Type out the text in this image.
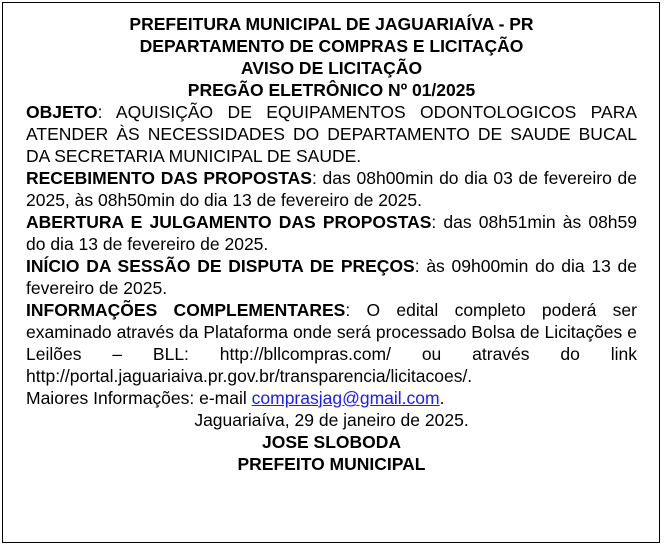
PREFEITURA MUNICIPAL DE JAGUARIAÍVA - PR
DEPARTAMENTO DE COMPRAS E LICITAÇÃO
AVISO DE LICITAÇÃO
PREGÃO ELETRÔNICO Nº 01/2025

OBJETO: AQUISIÇÃO DE EQUIPAMENTOS ODONTOLOGICOS PARA ATENDER ÀS NECESSIDADES DO DEPARTAMENTO DE SAUDE BUCAL DA SECRETARIA MUNICIPAL DE SAUDE.

RECEBIMENTO DAS PROPOSTAS: das 08h00min do dia 03 de fevereiro de 2025, às 08h50min do dia 13 de fevereiro de 2025.

ABERTURA E JULGAMENTO DAS PROPOSTAS: das 08h51min às 08h59 do dia 13 de fevereiro de 2025.

INÍCIO DA SESSÃO DE DISPUTA DE PREÇOS: às 09h00min do dia 13 de fevereiro de 2025.

INFORMAÇÕES COMPLEMENTARES: O edital completo poderá ser examinado através da Plataforma onde será processado Bolsa de Licitações e Leilões – BLL: http://bllcompras.com/ ou através do link http://portal.jaguariaiva.pr.gov.br/transparencia/licitacoes/.

Maiores Informações: e-mail comprasjag@gmail.com.

Jaguariaíva, 29 de janeiro de 2025.
JOSE SLOBODA
PREFEITO MUNICIPAL
